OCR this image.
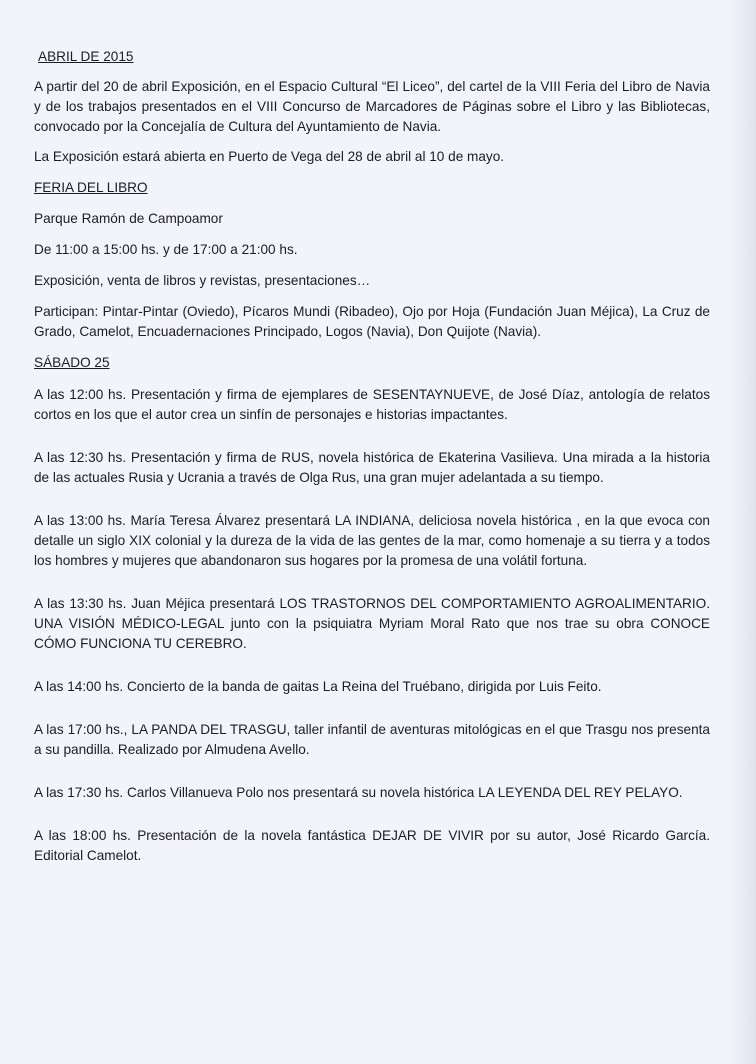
ABRIL DE 2015

A partir del 20 de abril Exposición, en el Espacio Cultural “El Liceo”, del cartel de la VIII Feria del Libro de Navia y de los trabajos presentados en el VIII Concurso de Marcadores de Páginas sobre el Libro y las Bibliotecas, convocado por la Concejalía de Cultura del Ayuntamiento de Navia.

La Exposición estará abierta en Puerto de Vega del 28 de abril al 10 de mayo.

FERIA DEL LIBRO

Parque Ramón de Campoamor

De 11:00 a 15:00 hs. y de 17:00 a 21:00 hs.

Exposición, venta de libros y revistas, presentaciones…

Participan: Pintar-Pintar (Oviedo), Pícaros Mundi (Ribadeo), Ojo por Hoja (Fundación Juan Méjica), La Cruz de Grado, Camelot, Encuadernaciones Principado, Logos (Navia), Don Quijote (Navia).

SÁBADO 25

A las 12:00 hs. Presentación y firma de ejemplares de SESENTAYNUEVE, de José Díaz, antología de relatos cortos en los que el autor crea un sinfín de personajes e historias impactantes.

A las 12:30 hs. Presentación y firma de RUS, novela histórica de Ekaterina Vasilieva. Una mirada a la historia de las actuales Rusia y Ucrania a través de Olga Rus, una gran mujer adelantada a su tiempo.

A las 13:00 hs. María Teresa Álvarez presentará LA INDIANA, deliciosa novela histórica , en la que evoca con detalle un siglo XIX colonial y la dureza de la vida de las gentes de la mar, como homenaje a su tierra y a todos los hombres y mujeres que abandonaron sus hogares por la promesa de una volátil fortuna.

A las 13:30 hs. Juan Méjica presentará LOS TRASTORNOS DEL COMPORTAMIENTO AGROALIMENTARIO. UNA VISIÓN MÉDICO-LEGAL junto con la psiquiatra Myriam Moral Rato que nos trae su obra CONOCE CÓMO FUNCIONA TU CEREBRO.

A las 14:00 hs. Concierto de la banda de gaitas La Reina del Truébano, dirigida por Luis Feito.

A las 17:00 hs., LA PANDA DEL TRASGU, taller infantil de aventuras mitológicas en el que Trasgu nos presenta a su pandilla. Realizado por Almudena Avello.

A las 17:30 hs. Carlos Villanueva Polo nos presentará su novela histórica LA LEYENDA DEL REY PELAYO.

A las 18:00 hs. Presentación de la novela fantástica DEJAR DE VIVIR por su autor, José Ricardo García. Editorial Camelot.
